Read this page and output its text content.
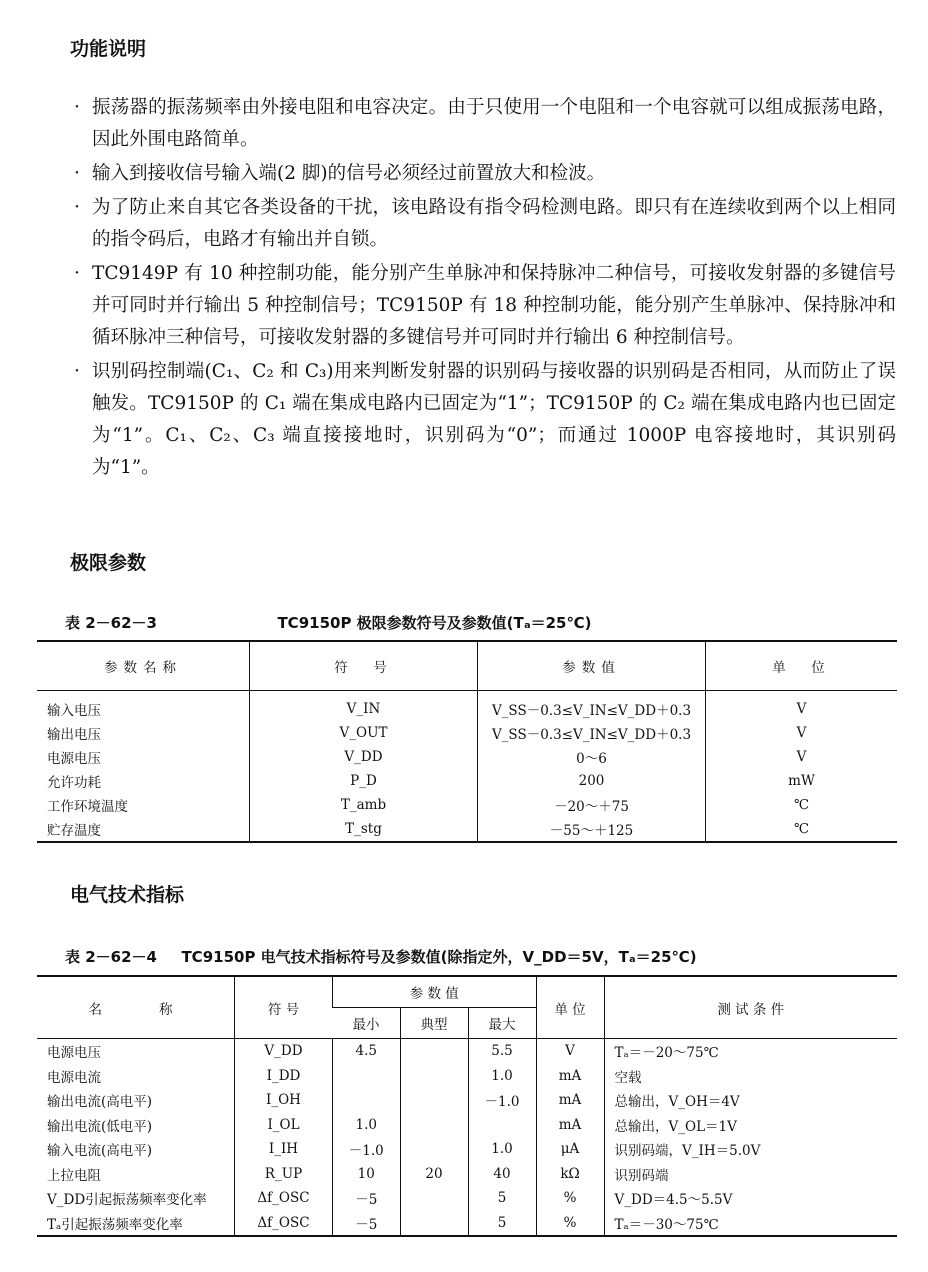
功能说明
· 振荡器的振荡频率由外接电阻和电容决定。由于只使用一个电阻和一个电容就可以组成振荡电路，因此外围电路简单。
· 输入到接收信号输入端(2 脚)的信号必须经过前置放大和检波。
· 为了防止来自其它各类设备的干扰，该电路设有指令码检测电路。即只有在连续收到两个以上相同的指令码后，电路才有输出并自锁。
· TC9149P 有 10 种控制功能，能分别产生单脉冲和保持脉冲二种信号，可接收发射器的多键信号并可同时并行输出 5 种控制信号；TC9150P 有 18 种控制功能，能分别产生单脉冲、保持脉冲和循环脉冲三种信号，可接收发射器的多键信号并可同时并行输出 6 种控制信号。
· 识别码控制端(C₁、C₂ 和 C₃)用来判断发射器的识别码与接收器的识别码是否相同，从而防止了误触发。TC9150P 的 C₁ 端在集成电路内已固定为“1”；TC9150P 的 C₂ 端在集成电路内也已固定为“1”。C₁、C₂、C₃ 端直接接地时，识别码为“0”；而通过 1000P 电容接地时，其识别码为“1”。
极限参数
表 2－62－3	TC9150P 极限参数符号及参数值(Tₐ＝25℃)
参数名称	符　号	参数值	单　位

输入电压	V_IN	V_SS－0.3≤V_IN≤V_DD＋0.3	V
输出电压	V_OUT	V_SS－0.3≤V_IN≤V_DD＋0.3	V
电源电压	V_DD	0～6	V
允许功耗	P_D	200	mW
工作环境温度	T_amb	－20～＋75	℃
贮存温度	T_stg	－55～＋125	℃
电气技术指标
表 2－62－4 TC9150P 电气技术指标符号及参数值(除指定外，V_DD＝5V，Tₐ＝25℃)
名　　称	符 号	参 数 值			单 位	测 试 条 件
		最小	典型	最大		
电源电压	V_DD	4.5		5.5	V	Tₐ＝－20～75℃
电源电流	I_DD			1.0	mA	空载
输出电流(高电平)	I_OH			－1.0	mA	总输出，V_OH＝4V
输出电流(低电平)	I_OL	1.0			mA	总输出，V_OL＝1V
输入电流(高电平)	I_IH	－1.0		1.0	μA	识别码端，V_IH＝5.0V
上拉电阻	R_UP	10	20	40	kΩ	识别码端
V_DD引起振荡频率变化率	Δf_OSC	－5		5	%	V_DD＝4.5～5.5V
Tₐ引起振荡频率变化率	Δf_OSC	－5		5	%	Tₐ＝－30～75℃
